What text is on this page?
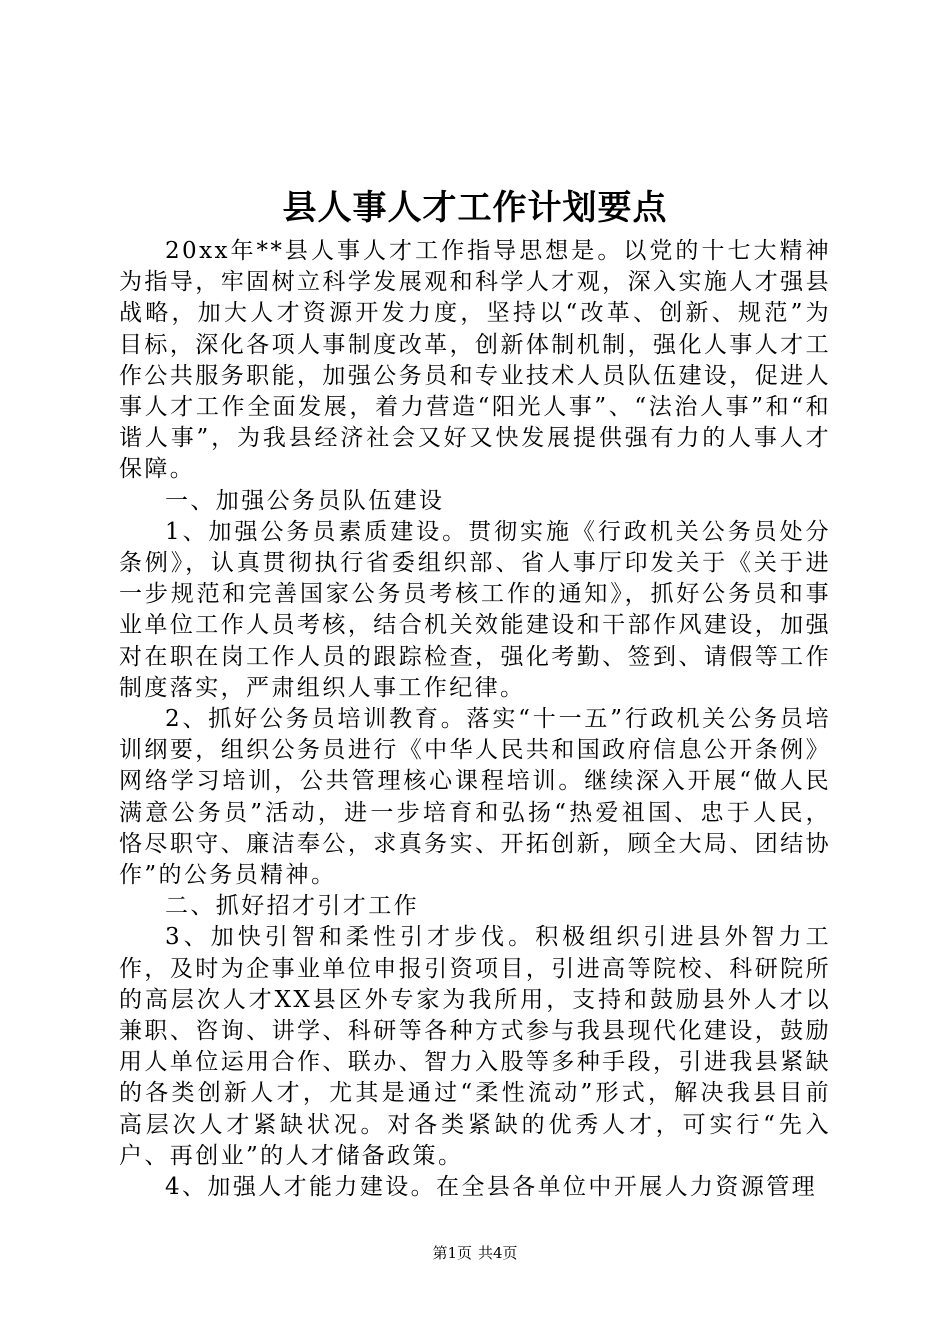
县人事人才工作计划要点

20xx年**县人事人才工作指导思想是。以党的十七大精神为指导，牢固树立科学发展观和科学人才观，深入实施人才强县战略，加大人才资源开发力度，坚持以“改革、创新、规范”为目标，深化各项人事制度改革，创新体制机制，强化人事人才工作公共服务职能，加强公务员和专业技术人员队伍建设，促进人事人才工作全面发展，着力营造“阳光人事”、“法治人事”和“和谐人事”，为我县经济社会又好又快发展提供强有力的人事人才保障。

一、加强公务员队伍建设

1、加强公务员素质建设。贯彻实施《行政机关公务员处分条例》，认真贯彻执行省委组织部、省人事厅印发关于《关于进一步规范和完善国家公务员考核工作的通知》，抓好公务员和事业单位工作人员考核，结合机关效能建设和干部作风建设，加强对在职在岗工作人员的跟踪检查，强化考勤、签到、请假等工作制度落实，严肃组织人事工作纪律。

2、抓好公务员培训教育。落实“十一五”行政机关公务员培训纲要，组织公务员进行《中华人民共和国政府信息公开条例》网络学习培训，公共管理核心课程培训。继续深入开展“做人民满意公务员”活动，进一步培育和弘扬“热爱祖国、忠于人民，恪尽职守、廉洁奉公，求真务实、开拓创新，顾全大局、团结协作”的公务员精神。

二、抓好招才引才工作

3、加快引智和柔性引才步伐。积极组织引进县外智力工作，及时为企事业单位申报引资项目，引进高等院校、科研院所的高层次人才XX县区外专家为我所用，支持和鼓励县外人才以兼职、咨询、讲学、科研等各种方式参与我县现代化建设，鼓励用人单位运用合作、联办、智力入股等多种手段，引进我县紧缺的各类创新人才，尤其是通过“柔性流动”形式，解决我县目前高层次人才紧缺状况。对各类紧缺的优秀人才，可实行“先入户、再创业”的人才储备政策。

4、加强人才能力建设。在全县各单位中开展人力资源管理

第1页 共4页
